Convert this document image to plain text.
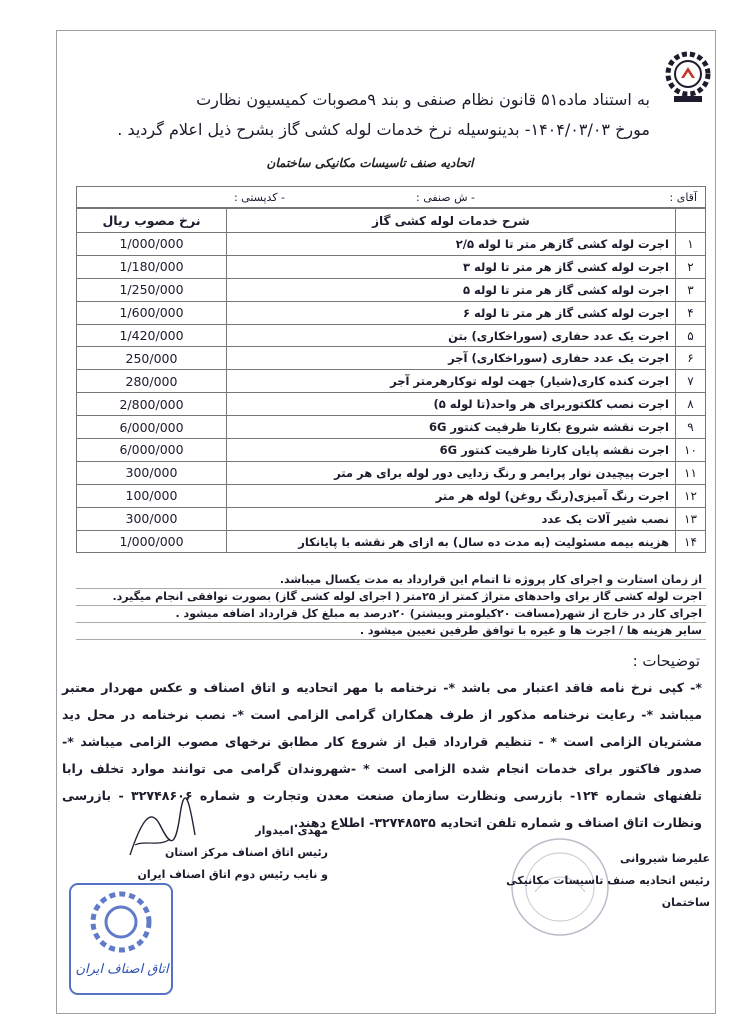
به استناد ماده۵۱ قانون نظام صنفی و بند ۹مصوبات کمیسیون نظارت
مورخ ۱۴۰۴/۰۳/۰۳- بدینوسیله نرخ خدمات لوله کشی گاز بشرح ذیل اعلام گردید .
اتحادیه صنف تاسیسات مکانیکی ساختمان
آقای :
- ش صنفی :
- کدپستی :
	شرح خدمات لوله کشی گاز	نرخ مصوب ریال
۱	اجرت لوله کشی گازهر متر تا لوله ۲/۵	1/000/000
۲	اجرت لوله کشی گاز هر متر تا لوله ۳	1/180/000
۳	اجرت لوله کشی گاز هر متر تا لوله ۵	1/250/000
۴	اجرت لوله کشی گاز هر متر تا لوله ۶	1/600/000
۵	اجرت یک عدد حفاری (سوراخکاری) بتن	1/420/000
۶	اجرت یک عدد حفاری (سوراخکاری) آجر	250/000
۷	اجرت کنده کاری(شیار) جهت لوله توکارهرمتر آجر	280/000
۸	اجرت نصب کلکتوربرای هر واحد(تا لوله ۵)	2/800/000
۹	اجرت نقشه شروع بکارتا ظرفیت کنتور 6G	6/000/000
۱۰	اجرت نقشه پایان کارتا ظرفیت کنتور 6G	6/000/000
۱۱	اجرت پیچیدن نوار پرایمر و رنگ زدایی دور لوله برای هر متر	300/000
۱۲	اجرت رنگ آمیزی(رنگ روغن) لوله هر متر	100/000
۱۳	نصب شیر آلات یک عدد	300/000
۱۴	هزینه بیمه مسئولیت (به مدت ده سال) به ازای هر نقشه با پایانکار	1/000/000
از زمان استارت و اجرای کار پروژه تا اتمام این قرارداد به مدت یکسال میباشد.
اجرت لوله کشی گاز برای واحدهای متراژ کمتر از ۲۵متر ( اجرای لوله کشی گاز) بصورت توافقی انجام میگیرد.
اجرای کار در خارج از شهر(مسافت ۲۰کیلومتر وبیشتر) ۲۰درصد به مبلغ کل قرارداد اضافه میشود .
سایر هزینه ها / اجرت ها و غیره با توافق طرفین تعیین میشود .
توضیحات :
*- کپی نرخ نامه فاقد اعتبار می باشد *- نرخنامه با مهر اتحادیه و اتاق اصناف و عکس مهردار معتبر میباشد *- رعایت نرخنامه مذکور از طرف همکاران گرامی الزامی است *- نصب نرخنامه در محل دید مشتریان الزامی است * - تنظیم قرارداد قبل از شروع کار مطابق نرخهای مصوب الزامی میباشد *- صدور فاکتور برای خدمات انجام شده الزامی است * -شهروندان گرامی می توانند موارد تخلف رابا تلفنهای شماره ۱۲۴- بازرسی ونظارت سازمان صنعت معدن وتجارت و شماره ۳۲۷۴۸۶۰۶ - بازرسی ونظارت اتاق اصناف و شماره تلفن اتحادیه ۳۲۷۴۸۵۳۵- اطلاع دهند.
مهدی امیدوار
رئیس اتاق اصناف مرکز استان
و نایب رئیس دوم اتاق اصناف ایران
اتاق اصناف ایران
علیرضا شیروانی
رئیس اتحادیه صنف تاسیسات مکانیکی ساختمان
